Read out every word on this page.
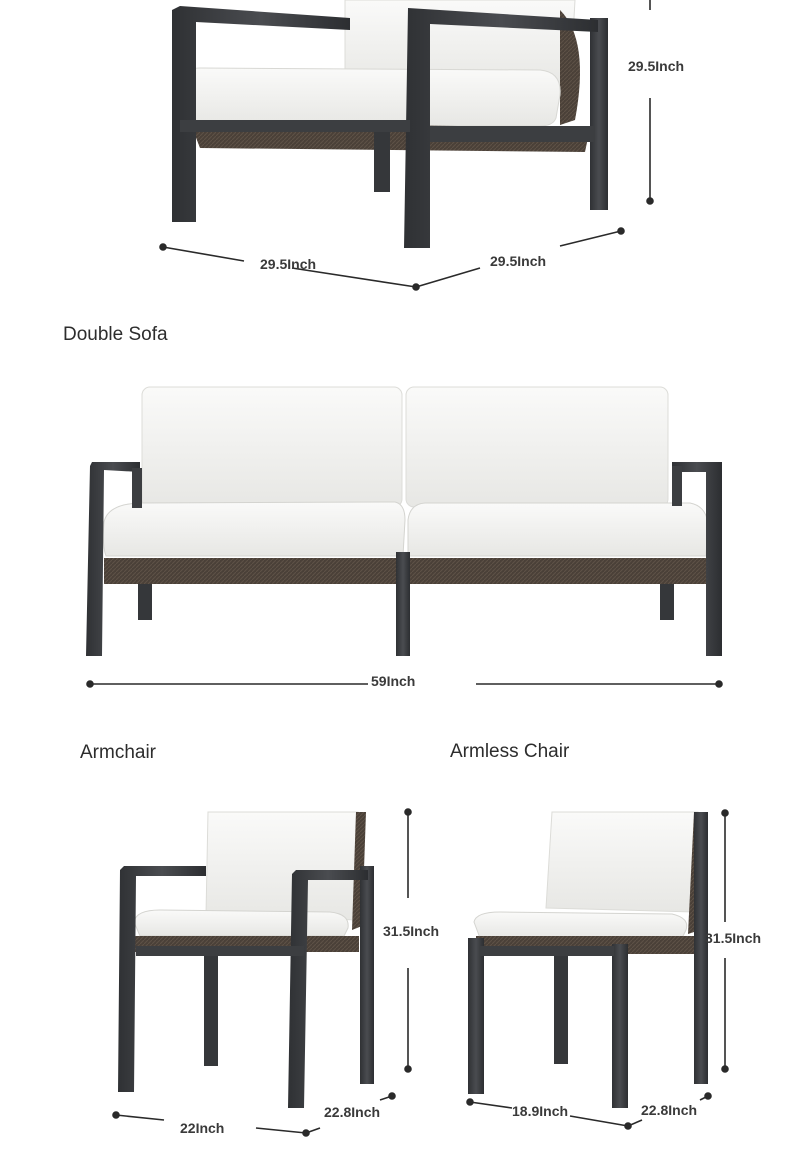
29.5Inch
29.5Inch	29.5Inch
Double Sofa
59Inch
Armchair	Armless Chair
31.5Inch
22Inch
22.8Inch
31.5Inch
18.9Inch	22.8Inch
